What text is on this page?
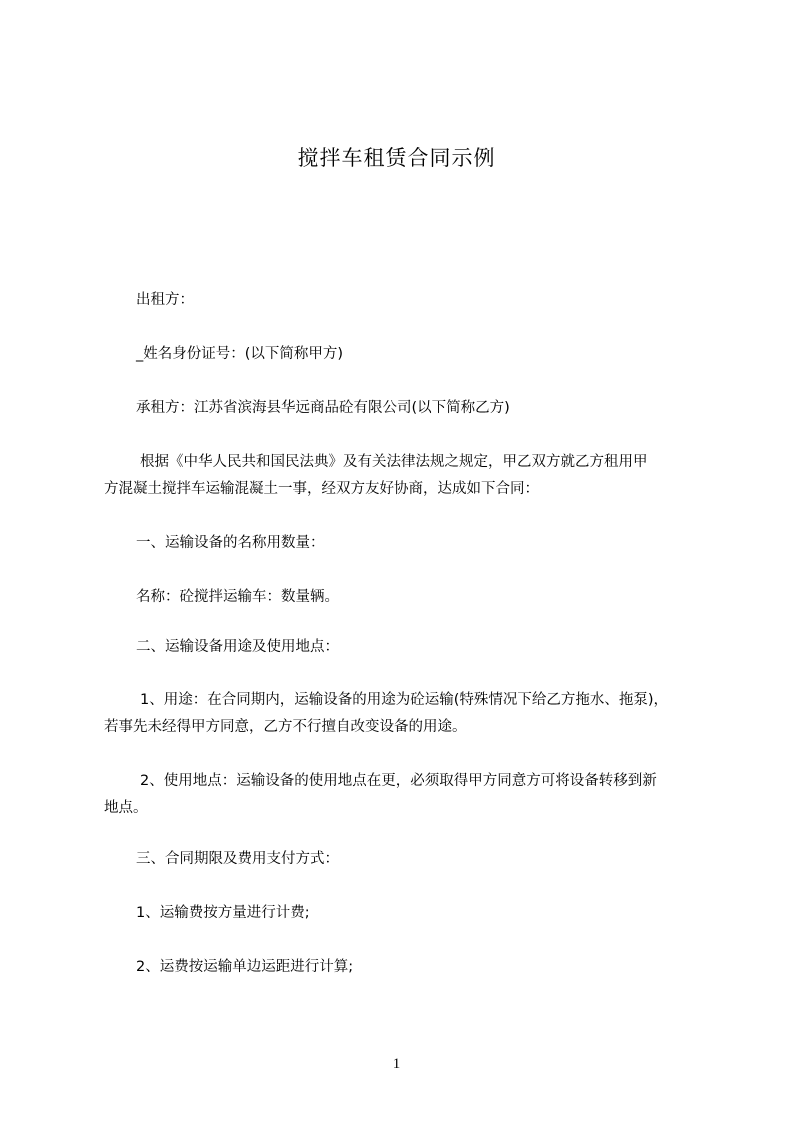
搅拌车租赁合同示例
出租方：
_姓名身份证号：(以下简称甲方)
承租方：江苏省滨海县华远商品砼有限公司(以下简称乙方)
根据《中华人民共和国民法典》及有关法律法规之规定，甲乙双方就乙方租用甲
方混凝土搅拌车运输混凝土一事，经双方友好协商，达成如下合同：
一、运输设备的名称用数量：
名称：砼搅拌运输车：数量辆。
二、运输设备用途及使用地点：
1、用途：在合同期内，运输设备的用途为砼运输(特殊情况下给乙方拖水、拖泵)，
若事先未经得甲方同意，乙方不行擅自改变设备的用途。
2、使用地点：运输设备的使用地点在更，必须取得甲方同意方可将设备转移到新
地点。
三、合同期限及费用支付方式：
1、运输费按方量进行计费;
2、运费按运输单边运距进行计算;
1
